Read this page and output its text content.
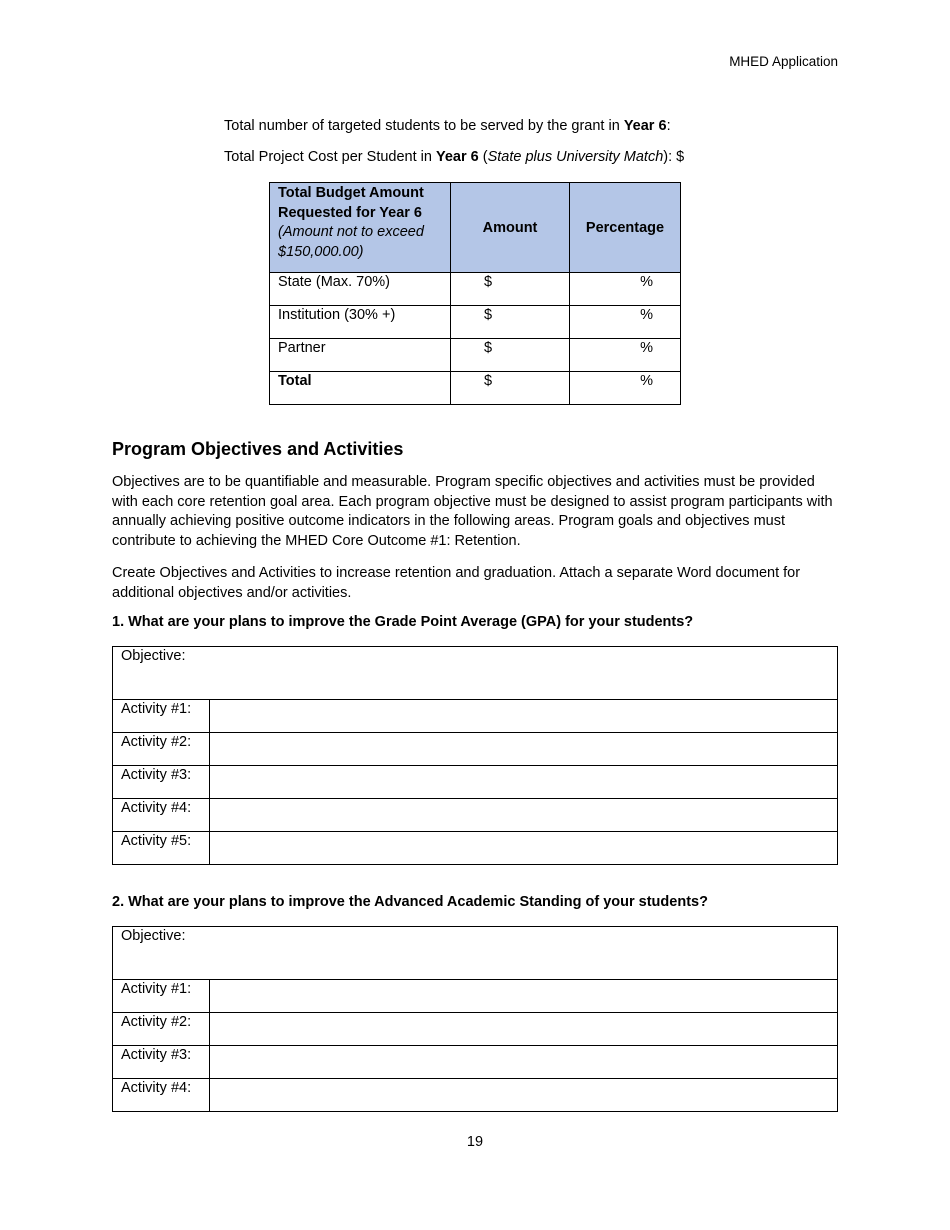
MHED Application
Total number of targeted students to be served by the grant in Year 6:
Total Project Cost per Student in Year 6 (State plus University Match): $
Total Budget Amount Requested for Year 6
(Amount not to exceed $150,000.00)	Amount	Percentage
State (Max. 70%)	$	%
Institution (30% +)	$	%
Partner	$	%
Total	$	%
Program Objectives and Activities
Objectives are to be quantifiable and measurable. Program specific objectives and activities must be provided with each core retention goal area. Each program objective must be designed to assist program participants with annually achieving positive outcome indicators in the following areas. Program goals and objectives must contribute to achieving the MHED Core Outcome #1: Retention.
Create Objectives and Activities to increase retention and graduation. Attach a separate Word document for additional objectives and/or activities.
1. What are your plans to improve the Grade Point Average (GPA) for your students?
Objective:	
Activity #1:	
Activity #2:	
Activity #3:	
Activity #4:	
Activity #5:	
2. What are your plans to improve the Advanced Academic Standing of your students?
Objective:	
Activity #1:	
Activity #2:	
Activity #3:	
Activity #4:	
19
